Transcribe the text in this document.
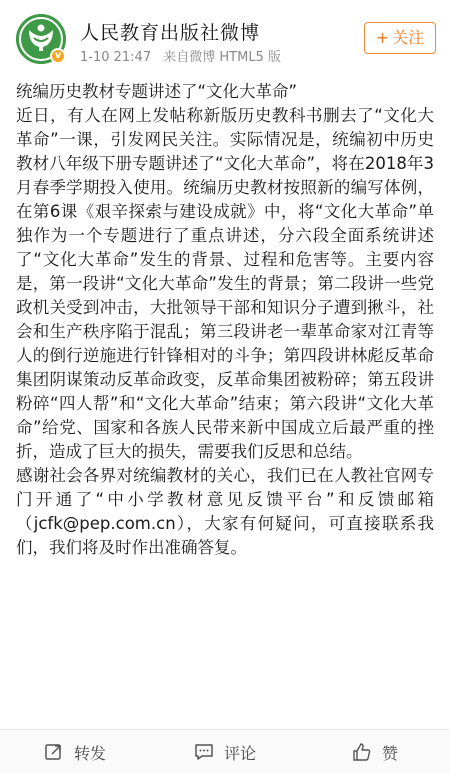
v
人民教育出版社微博
1-10 21:47 来自微博 HTML5 版
+ 关注

统编历史教材专题讲述了“文化大革命”

近日，有人在网上发帖称新版历史教科书删去了“文化大革命”一课，引发网民关注。实际情况是，统编初中历史教材八年级下册专题讲述了“文化大革命”，将在2018年3月春季学期投入使用。统编历史教材按照新的编写体例，在第6课《艰辛探索与建设成就》中，将“文化大革命”单独作为一个专题进行了重点讲述，分六段全面系统讲述了“文化大革命”发生的背景、过程和危害等。主要内容是，第一段讲“文化大革命”发生的背景；第二段讲一些党政机关受到冲击，大批领导干部和知识分子遭到揪斗，社会和生产秩序陷于混乱；第三段讲老一辈革命家对江青等人的倒行逆施进行针锋相对的斗争；第四段讲林彪反革命集团阴谋策动反革命政变，反革命集团被粉碎；第五段讲粉碎“四人帮”和“文化大革命”结束；第六段讲“文化大革命”给党、国家和各族人民带来新中国成立后最严重的挫折，造成了巨大的损失，需要我们反思和总结。

感谢社会各界对统编教材的关心，我们已在人教社官网专门开通了“中小学教材意见反馈平台”和反馈邮箱（jcfk@pep.com.cn），大家有何疑问，可直接联系我们，我们将及时作出准确答复。

转发	评论	赞
